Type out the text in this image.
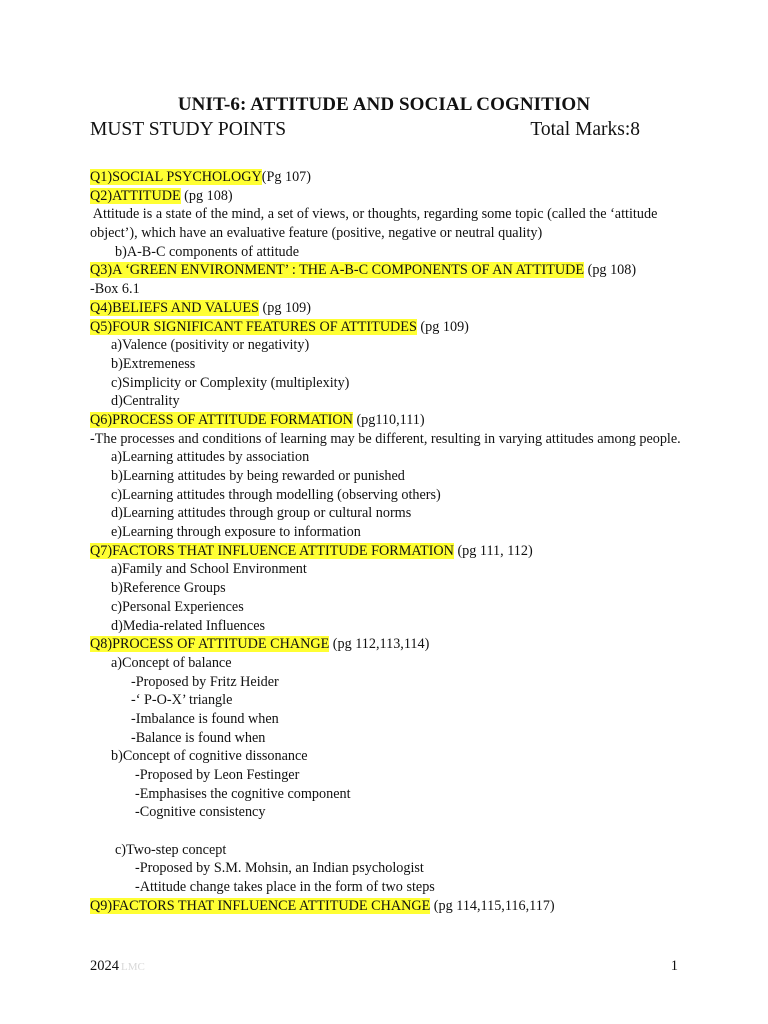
UNIT-6: ATTITUDE AND SOCIAL COGNITION
MUST STUDY POINTS	Total Marks:8
Q1)SOCIAL PSYCHOLOGY(Pg 107)
Q2)ATTITUDE (pg 108)
Attitude is a state of the mind, a set of views, or thoughts, regarding some topic (called the ‘attitude
object’), which have an evaluative feature (positive, negative or neutral quality)
b)A-B-C components of attitude
Q3)A ‘GREEN ENVIRONMENT’ : THE A-B-C COMPONENTS OF AN ATTITUDE (pg 108)
-Box 6.1
Q4)BELIEFS AND VALUES (pg 109)
Q5)FOUR SIGNIFICANT FEATURES OF ATTITUDES (pg 109)
a)Valence (positivity or negativity)
b)Extremeness
c)Simplicity or Complexity (multiplexity)
d)Centrality
Q6)PROCESS OF ATTITUDE FORMATION (pg110,111)
-The processes and conditions of learning may be different, resulting in varying attitudes among people.
a)Learning attitudes by association
b)Learning attitudes by being rewarded or punished
c)Learning attitudes through modelling (observing others)
d)Learning attitudes through group or cultural norms
e)Learning through exposure to information
Q7)FACTORS THAT INFLUENCE ATTITUDE FORMATION (pg 111, 112)
a)Family and School Environment
b)Reference Groups
c)Personal Experiences
d)Media-related Influences
Q8)PROCESS OF ATTITUDE CHANGE (pg 112,113,114)
a)Concept of balance
-Proposed by Fritz Heider
-‘ P-O-X’ triangle
-Imbalance is found when
-Balance is found when
b)Concept of cognitive dissonance
-Proposed by Leon Festinger
-Emphasises the cognitive component
-Cognitive consistency
c)Two-step concept
-Proposed by S.M. Mohsin, an Indian psychologist
-Attitude change takes place in the form of two steps
Q9)FACTORS THAT INFLUENCE ATTITUDE CHANGE (pg 114,115,116,117)
2024 LMC	1
